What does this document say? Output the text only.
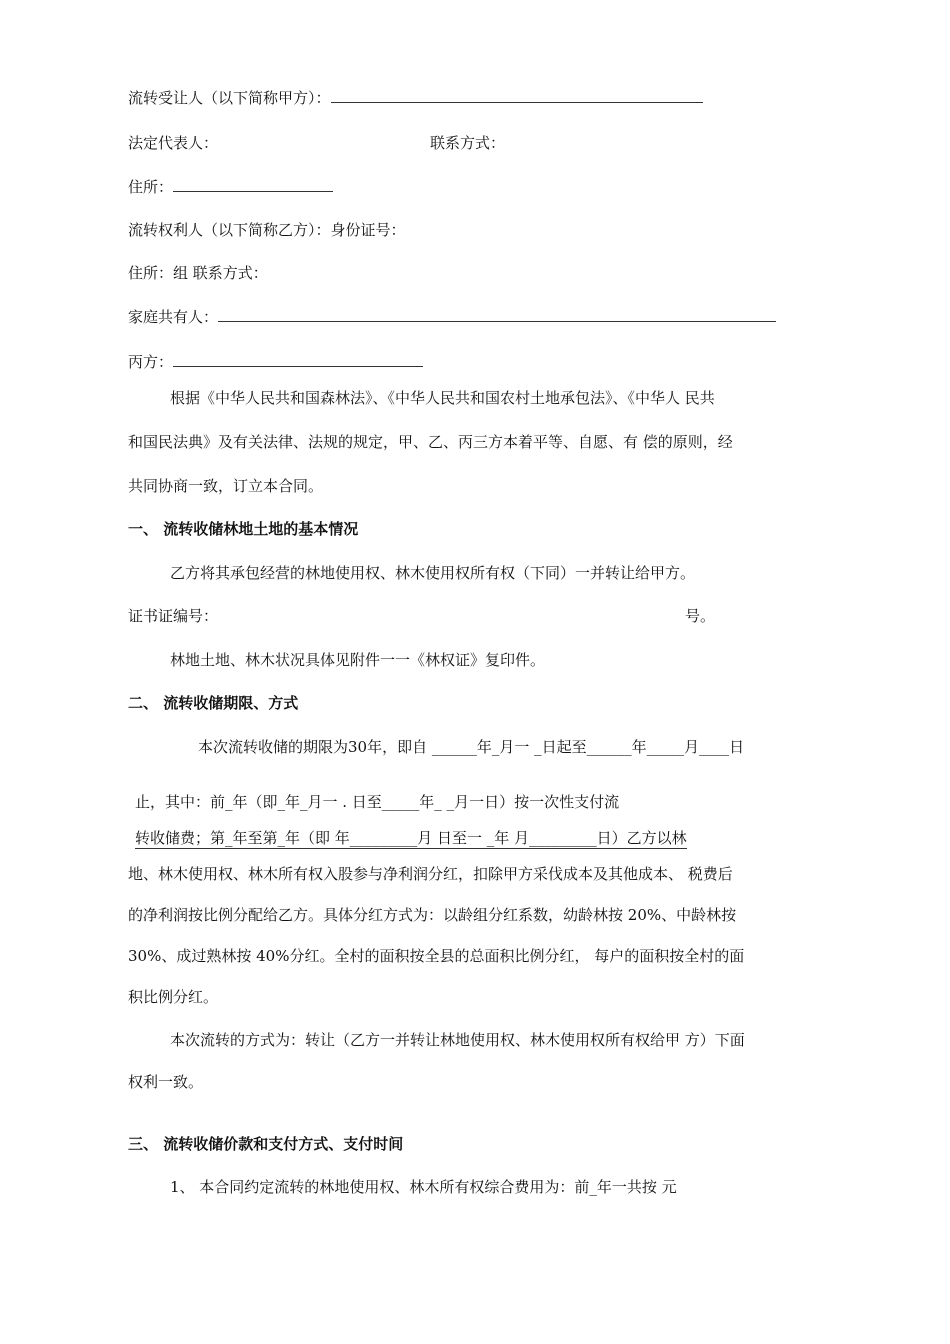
流转受让人（以下简称甲方）：
法定代表人：	联系方式：
住所：
流转权利人（以下简称乙方）：身份证号：
住所：组 联系方式：
家庭共有人：
丙方：
根据《中华人民共和国森林法》、《中华人民共和国农村土地承包法》、《中华人 民共
和国民法典》及有关法律、法规的规定，甲、乙、丙三方本着平等、自愿、有 偿的原则，经
共同协商一致，订立本合同。
一、 流转收储林地土地的基本情况
乙方将其承包经营的林地使用权、林木使用权所有权（下同）一并转让给甲方。
证书证编号：	号。
林地土地、林木状况具体见附件一一《林权证》复印件。
二、 流转收储期限、方式
本次流转收储的期限为30年，即自 ______年_月一 _日起至______年_____月____日
止，其中：前_年（即_年_月一 . 日至_____年_ _月一日）按一次性支付流
转收储费；第_年至第_年（即 年_________月 日至一 _年 月_________日）乙方以林
地、林木使用权、林木所有权入股参与净利润分红，扣除甲方采伐成本及其他成本、 税费后
的净利润按比例分配给乙方。具体分红方式为：以龄组分红系数，幼龄林按 20%、中龄林按
30%、成过熟林按 40%分红。全村的面积按全县的总面积比例分红， 每户的面积按全村的面
积比例分红。
本次流转的方式为：转让（乙方一并转让林地使用权、林木使用权所有权给甲 方）下面
权利一致。
三、 流转收储价款和支付方式、支付时间
1、 本合同约定流转的林地使用权、林木所有权综合费用为：前_年一共按 元
